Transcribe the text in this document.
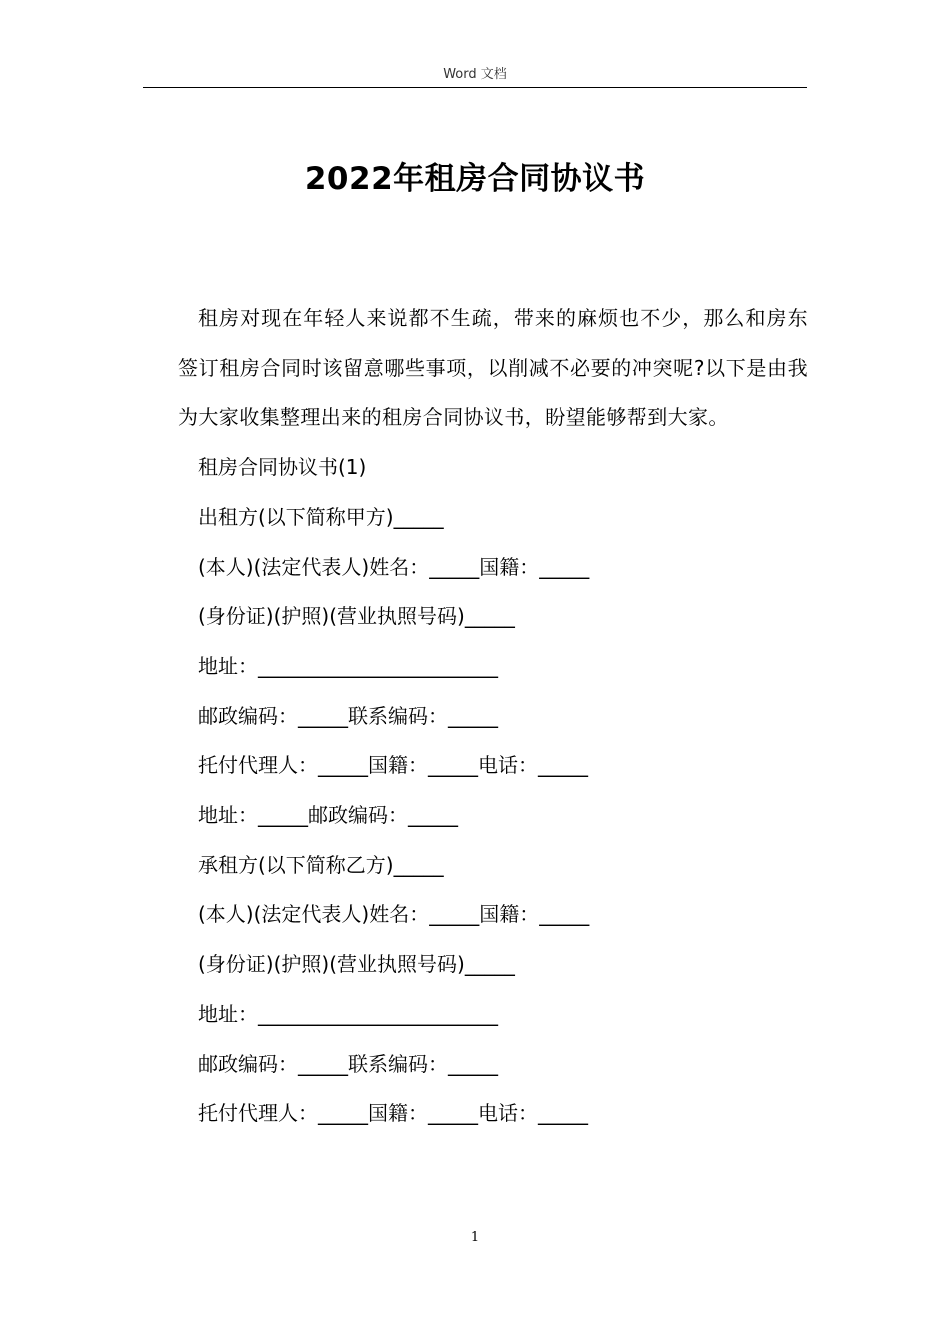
Word 文档
2022年租房合同协议书

租房对现在年轻人来说都不生疏，带来的麻烦也不少，那么和房东签订租房合同时该留意哪些事项，以削减不必要的冲突呢?以下是由我为大家收集整理出来的租房合同协议书，盼望能够帮到大家。

租房合同协议书(1)

出租方(以下简称甲方)_____

(本人)(法定代表人)姓名：_____国籍：_____

(身份证)(护照)(营业执照号码)_____

地址：________________________

邮政编码：_____联系编码：_____

托付代理人：_____国籍：_____电话：_____

地址：_____邮政编码：_____

承租方(以下简称乙方)_____

(本人)(法定代表人)姓名：_____国籍：_____

(身份证)(护照)(营业执照号码)_____

地址：________________________

邮政编码：_____联系编码：_____

托付代理人：_____国籍：_____电话：_____

1
